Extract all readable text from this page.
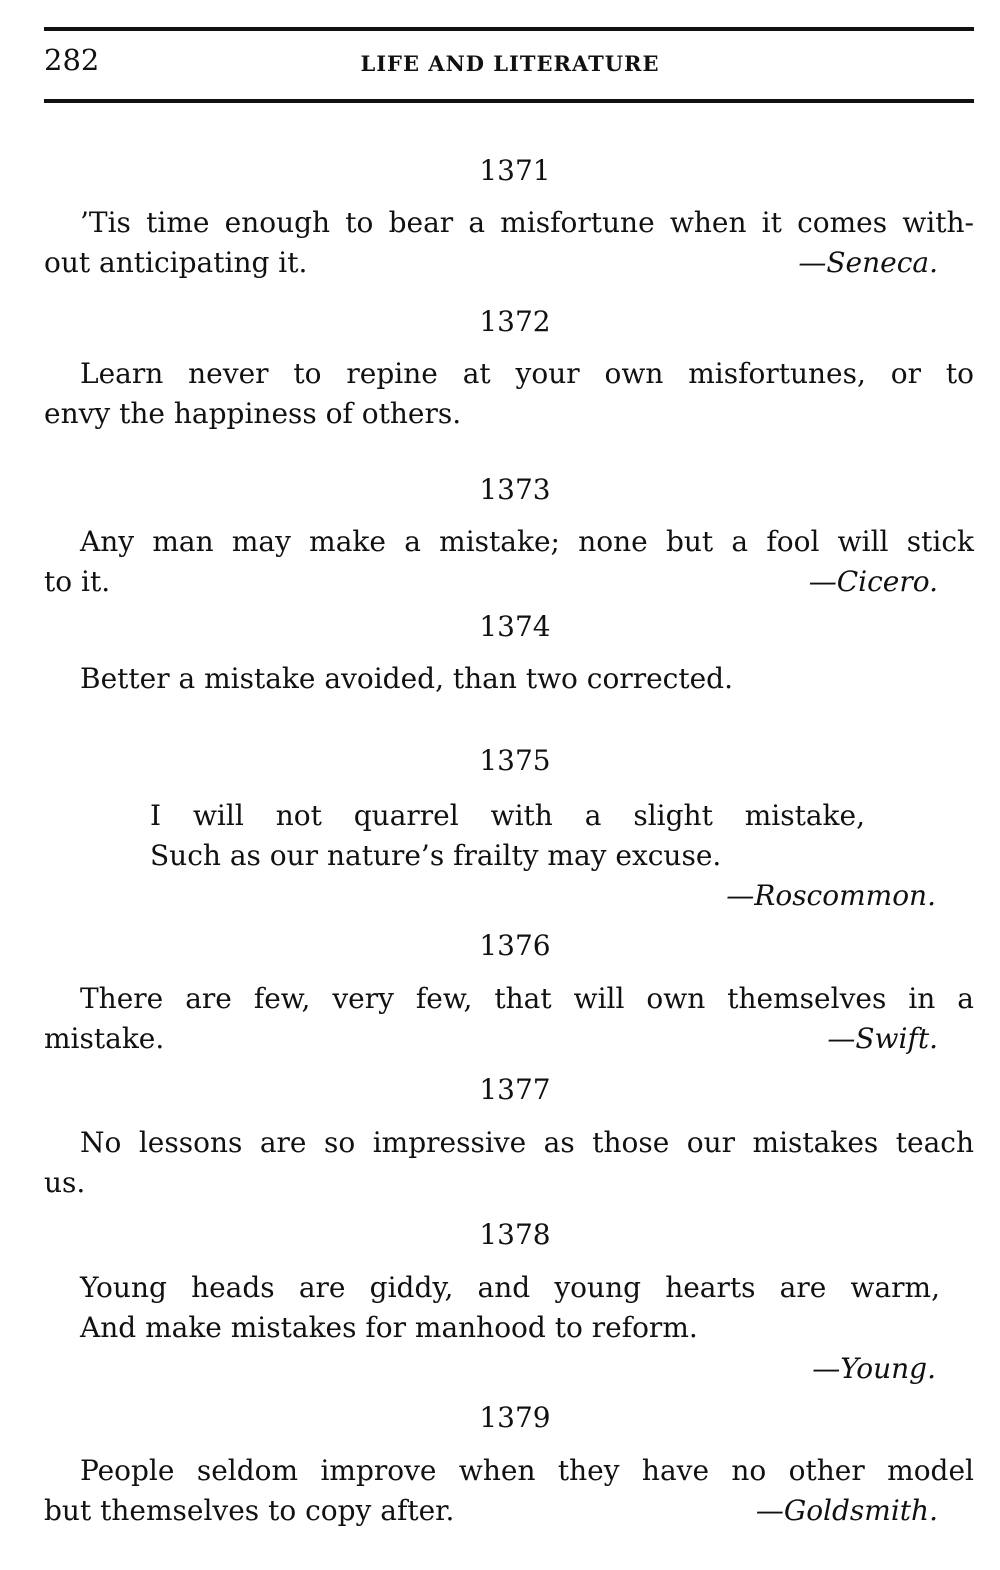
282	LIFE AND LITERATURE
1371
’Tis time enough to bear a misfortune when it comes with-
out anticipating it.	—Seneca.
1372
Learn never to repine at your own misfortunes, or to
envy the happiness of others.
1373
Any man may make a mistake; none but a fool will stick
to it.	—Cicero.
1374
Better a mistake avoided, than two corrected.
1375
I will not quarrel with a slight mistake,
Such as our nature’s frailty may excuse.
—Roscommon.
1376
There are few, very few, that will own themselves in a
mistake.	—Swift.
1377
No lessons are so impressive as those our mistakes teach
us.
1378
Young heads are giddy, and young hearts are warm,
And make mistakes for manhood to reform.
—Young.
1379
People seldom improve when they have no other model
but themselves to copy after.	—Goldsmith.
